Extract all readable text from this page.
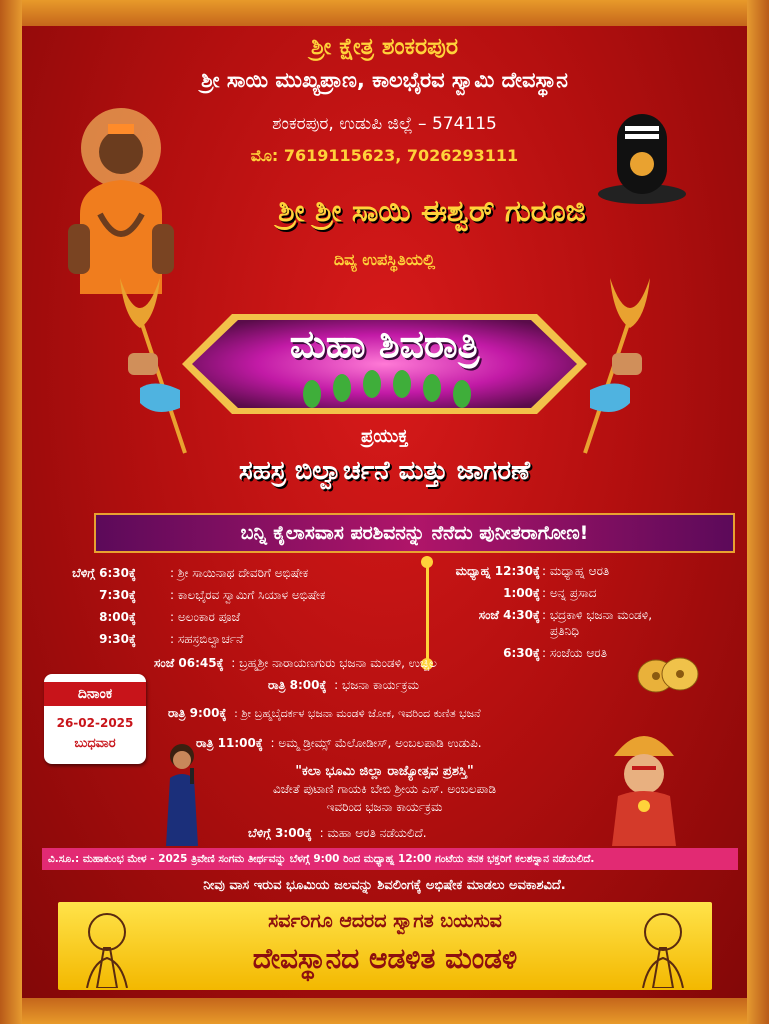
ಶ್ರೀ ಕ್ಷೇತ್ರ ಶಂಕರಪುರ
ಶ್ರೀ ಸಾಯಿ ಮುಖ್ಯಪ್ರಾಣ, ಕಾಲಭೈರವ ಸ್ವಾಮಿ ದೇವಸ್ಥಾನ
ಶಂಕರಪುರ, ಉಡುಪಿ ಜಿಲ್ಲೆ – 574115
ಮೊ: 7619115623, 7026293111
ಶ್ರೀ ಶ್ರೀ ಸಾಯಿ ಈಶ್ವರ್ ಗುರೂಜಿ
ದಿವ್ಯ ಉಪಸ್ಥಿತಿಯಲ್ಲಿ
ಮಹಾ ಶಿವರಾತ್ರಿ
ಪ್ರಯುಕ್ತ
ಸಹಸ್ರ ಬಿಲ್ವಾರ್ಚನೆ ಮತ್ತು ಜಾಗರಣೆ
ಬನ್ನಿ ಕೈಲಾಸವಾಸ ಪರಶಿವನನ್ನು ನೆನೆದು ಪುನೀತರಾಗೋಣ!
ಬೆಳಿಗ್ಗೆ 6:30ಕ್ಕೆ	: ಶ್ರೀ ಸಾಯಿನಾಥ ದೇವರಿಗೆ ಅಭಿಷೇಕ
7:30ಕ್ಕೆ	: ಕಾಲಭೈರವ ಸ್ವಾಮಿಗೆ ಸಿಯಾಳ ಅಭಿಷೇಕ
8:00ಕ್ಕೆ	: ಅಲಂಕಾರ ಪೂಜೆ
9:30ಕ್ಕೆ	: ಸಹಸ್ರಬಿಲ್ವಾರ್ಚನೆ
ಮಧ್ಯಾಹ್ನ 12:30ಕ್ಕೆ : ಮಧ್ಯಾಹ್ನ ಆರತಿ
1:00ಕ್ಕೆ : ಅನ್ನ ಪ್ರಸಾದ
ಸಂಜೆ 4:30ಕ್ಕೆ : ಭದ್ರಕಾಳಿ ಭಜನಾ ಮಂಡಳಿ,
ಪ್ರತಿನಿಧಿ
6:30ಕ್ಕೆ : ಸಂಜೆಯ ಆರತಿ
ಸಂಜೆ 06:45ಕ್ಕೆ : ಬ್ರಹ್ಮಶ್ರೀ ನಾರಾಯಣಗುರು ಭಜನಾ ಮಂಡಳಿ, ಉಚ್ಚಿಲ
ರಾತ್ರಿ 8:00ಕ್ಕೆ : ಭಜನಾ ಕಾರ್ಯಕ್ರಮ
ರಾತ್ರಿ 9:00ಕ್ಕೆ : ಶ್ರೀ ಬ್ರಹ್ಮಬೈದರ್ಕಳ ಭಜನಾ ಮಂಡಳಿ ಜೋಕ, ಇವರಿಂದ ಕುಣಿತ ಭಜನೆ
ರಾತ್ರಿ 11:00ಕ್ಕೆ : ಅಮ್ಮ ಡ್ರೀಮ್ಸ್ ಮೆಲೋಡೀಸ್, ಅಂಬಲಪಾಡಿ ಉಡುಪಿ.
ದಿನಾಂಕ
26-02-2025
ಬುಧವಾರ
"ಕಲಾ ಭೂಮಿ ಜಿಲ್ಲಾ ರಾಜ್ಯೋತ್ಸವ ಪ್ರಶಸ್ತಿ"
ವಿಜೇತೆ ಪುಟಾಣಿ ಗಾಯಕಿ ಬೇಬಿ ಶ್ರೀಯ ಎಸ್. ಅಂಬಲಪಾಡಿ
ಇವರಿಂದ ಭಜನಾ ಕಾರ್ಯಕ್ರಮ
ಬೆಳಿಗ್ಗೆ 3:00ಕ್ಕೆ : ಮಹಾ ಆರತಿ ನಡೆಯಲಿದೆ.
ವಿ.ಸೂ.: ಮಹಾಕುಂಭ ಮೇಳ - 2025 ತ್ರಿವೇಣಿ ಸಂಗಮ ತೀರ್ಥವನ್ನು ಬೆಳಗ್ಗೆ 9:00 ರಿಂದ ಮಧ್ಯಾಹ್ನ 12:00 ಗಂಟೆಯ ತನಕ ಭಕ್ತರಿಗೆ ಕಲಶಸ್ನಾನ ನಡೆಯಲಿದೆ.
ನೀವು ವಾಸ ಇರುವ ಭೂಮಿಯ ಜಲವನ್ನು ಶಿವಲಿಂಗಕ್ಕೆ ಅಭಿಷೇಕ ಮಾಡಲು ಅವಕಾಶವಿದೆ.
ಸರ್ವರಿಗೂ ಆದರದ ಸ್ವಾಗತ ಬಯಸುವ
ದೇವಸ್ಥಾನದ ಆಡಳಿತ ಮಂಡಳಿ
